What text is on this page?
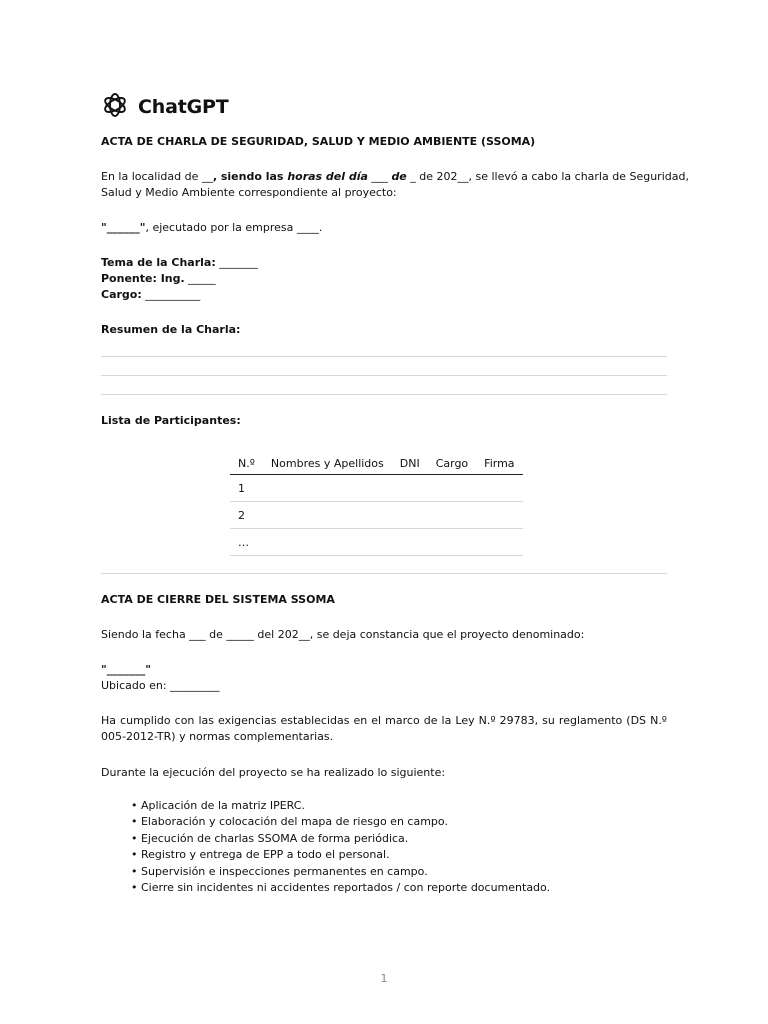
ChatGPT
ACTA DE CHARLA DE SEGURIDAD, SALUD Y MEDIO AMBIENTE (SSOMA)
En la localidad de __, siendo las horas del día ___ de _ de 202__, se llevó a cabo la charla de Seguridad,
Salud y Medio Ambiente correspondiente al proyecto:
"______", ejecutado por la empresa ____.
Tema de la Charla: _______
Ponente: Ing. _____
Cargo: __________
Resumen de la Charla:
Lista de Participantes:
N.º	Nombres y Apellidos	DNI	Cargo	Firma
1				
2				
…				
ACTA DE CIERRE DEL SISTEMA SSOMA
Siendo la fecha ___ de _____ del 202__, se deja constancia que el proyecto denominado:
"_______"
Ubicado en: _________
Ha cumplido con las exigencias establecidas en el marco de la Ley N.º 29783, su reglamento (DS N.º 005-2012-TR) y normas complementarias.
Durante la ejecución del proyecto se ha realizado lo siguiente:
• Aplicación de la matriz IPERC.
• Elaboración y colocación del mapa de riesgo en campo.
• Ejecución de charlas SSOMA de forma periódica.
• Registro y entrega de EPP a todo el personal.
• Supervisión e inspecciones permanentes en campo.
• Cierre sin incidentes ni accidentes reportados / con reporte documentado.
1
